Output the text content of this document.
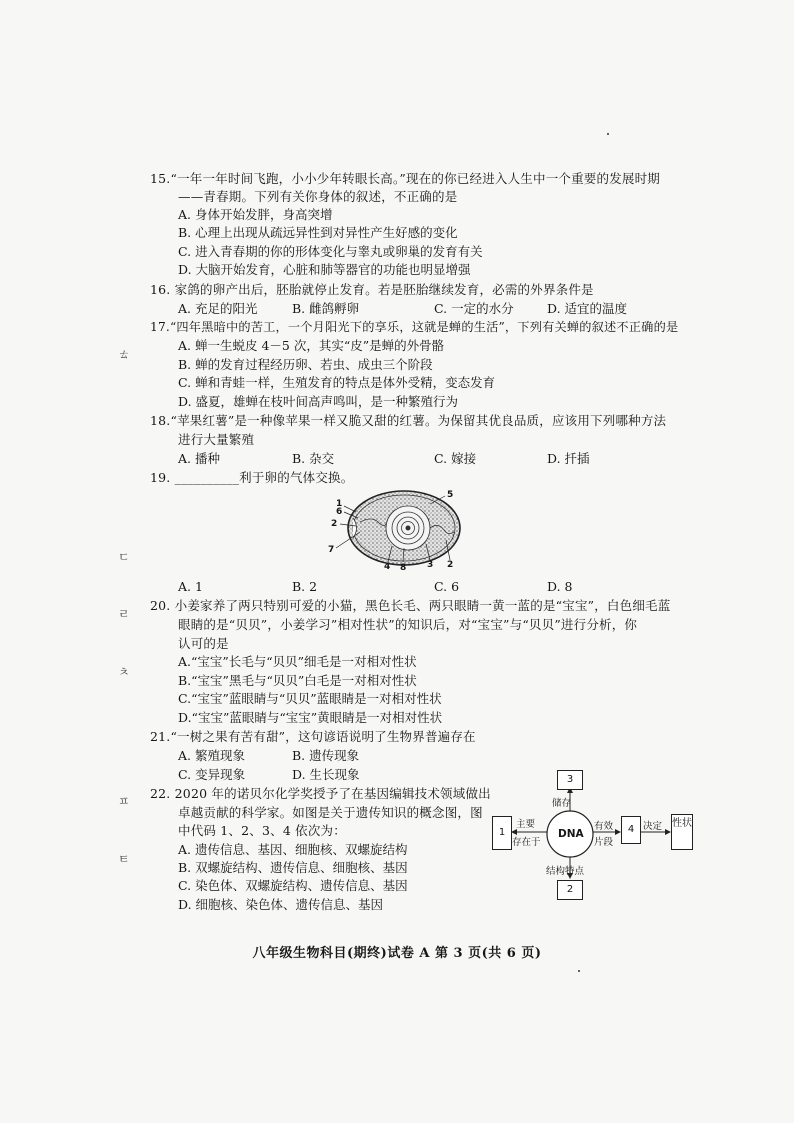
ㄊ
ㄷ
ㄹ
ㅊ
ㅍ
ㅌ
15.“一年一年时间飞跑，小小少年转眼长高。”现在的你已经进入人生中一个重要的发展时期
——青春期。下列有关你身体的叙述，不正确的是
A. 身体开始发胖，身高突增
B. 心理上出现从疏远异性到对异性产生好感的变化
C. 进入青春期的你的形体变化与睾丸或卵巢的发育有关
D. 大脑开始发育，心脏和肺等器官的功能也明显增强
16. 家鸽的卵产出后，胚胎就停止发育。若是胚胎继续发育，必需的外界条件是
A. 充足的阳光	B. 雌鸽孵卵	C. 一定的水分	D. 适宜的温度
17.“四年黑暗中的苦工，一个月阳光下的享乐，这就是蝉的生活”，下列有关蝉的叙述不正确的是
A. 蝉一生蜕皮 4－5 次，其实“皮”是蝉的外骨骼
B. 蝉的发育过程经历卵、若虫、成虫三个阶段
C. 蝉和青蛙一样，生殖发育的特点是体外受精，变态发育
D. 盛夏，雄蝉在枝叶间高声鸣叫，是一种繁殖行为
18.“苹果红薯”是一种像苹果一样又脆又甜的红薯。为保留其优良品质，应该用下列哪种方法
进行大量繁殖
A. 播种	B. 杂交	C. 嫁接	D. 扦插
19. __________利于卵的气体交换。
1
6
2
7
5
4 8 3 2
A. 1	B. 2	C. 6	D. 8
20. 小姜家养了两只特别可爱的小猫，黑色长毛、两只眼睛一黄一蓝的是“宝宝”，白色细毛蓝
眼睛的是“贝贝”，小姜学习”相对性状”的知识后，对“宝宝”与“贝贝”进行分析，你
认可的是
A.“宝宝”长毛与“贝贝”细毛是一对相对性状
B.“宝宝”黑毛与“贝贝”白毛是一对相对性状
C.“宝宝”蓝眼睛与“贝贝”蓝眼睛是一对相对性状
D.“宝宝”蓝眼睛与“宝宝”黄眼睛是一对相对性状
21.“一树之果有苦有甜”，这句谚语说明了生物界普遍存在
A. 繁殖现象	B. 遗传现象
C. 变异现象	D. 生长现象
22. 2020 年的诺贝尔化学奖授予了在基因编辑技术领域做出
卓越贡献的科学家。如图是关于遗传知识的概念图，图
中代码 1、2、3、4 依次为：
A. 遗传信息、基因、细胞核、双螺旋结构
B. 双螺旋结构、遗传信息、细胞核、基因
C. 染色体、双螺旋结构、遗传信息、基因
D. 细胞核、染色体、遗传信息、基因
3
1	4
性状
2
DNA
储存
主要
存在于
有效
片段
决定
结构特点
八年级生物科目(期终)试卷 A 第 3 页(共 6 页)
